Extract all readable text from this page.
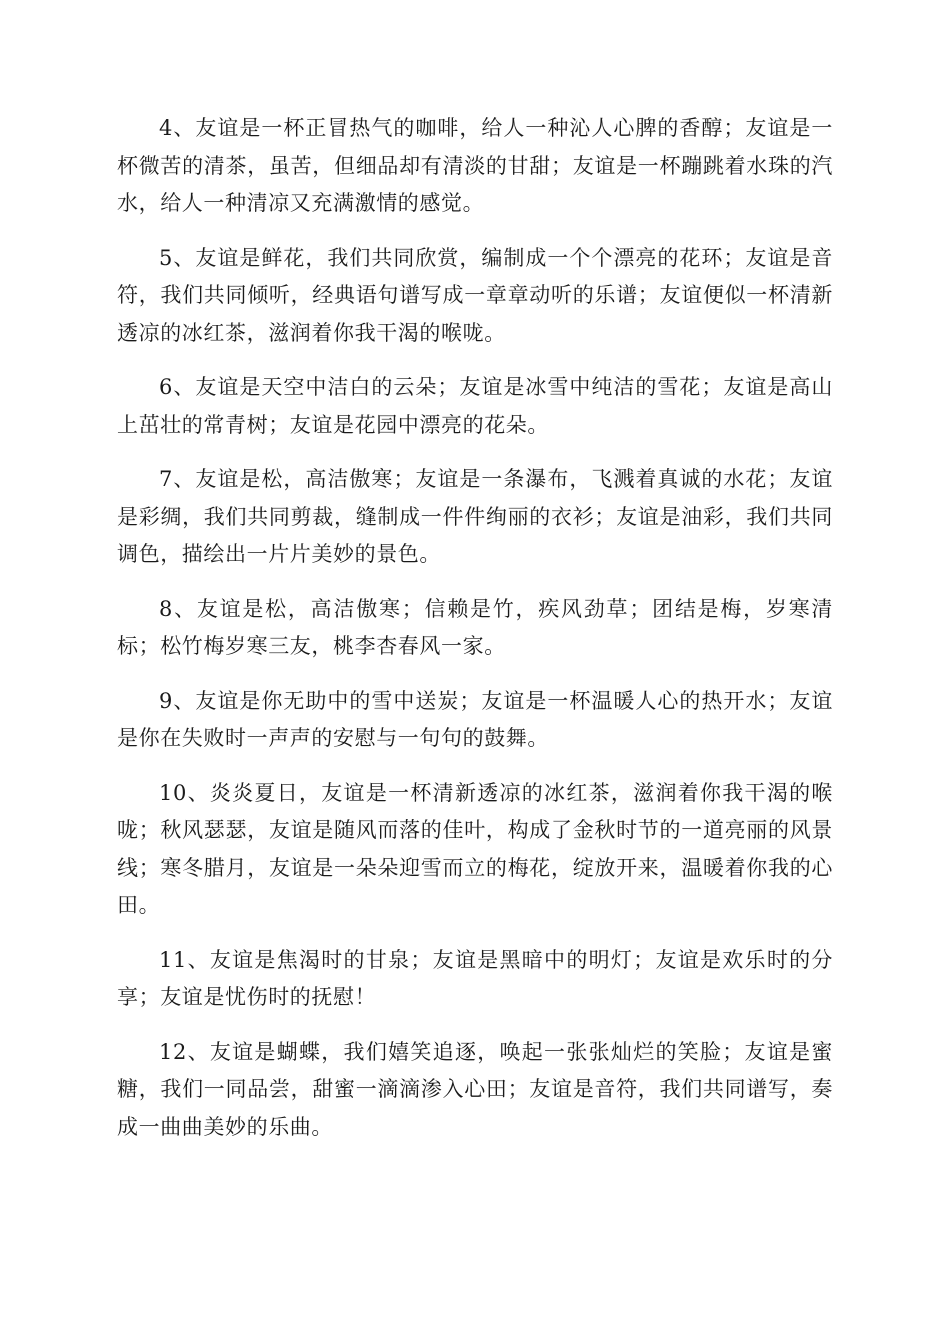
4、友谊是一杯正冒热气的咖啡，给人一种沁人心脾的香醇；友谊是一杯微苦的清茶，虽苦，但细品却有清淡的甘甜；友谊是一杯蹦跳着水珠的汽水，给人一种清凉又充满激情的感觉。

5、友谊是鲜花，我们共同欣赏，编制成一个个漂亮的花环；友谊是音符，我们共同倾听，经典语句谱写成一章章动听的乐谱；友谊便似一杯清新透凉的冰红茶，滋润着你我干渴的喉咙。

6、友谊是天空中洁白的云朵；友谊是冰雪中纯洁的雪花；友谊是高山上茁壮的常青树；友谊是花园中漂亮的花朵。

7、友谊是松，高洁傲寒；友谊是一条瀑布，飞溅着真诚的水花；友谊是彩绸，我们共同剪裁，缝制成一件件绚丽的衣衫；友谊是油彩，我们共同调色，描绘出一片片美妙的景色。

8、友谊是松，高洁傲寒；信赖是竹，疾风劲草；团结是梅，岁寒清标；松竹梅岁寒三友，桃李杏春风一家。

9、友谊是你无助中的雪中送炭；友谊是一杯温暖人心的热开水；友谊是你在失败时一声声的安慰与一句句的鼓舞。

10、炎炎夏日，友谊是一杯清新透凉的冰红茶，滋润着你我干渴的喉咙；秋风瑟瑟，友谊是随风而落的佳叶，构成了金秋时节的一道亮丽的风景线；寒冬腊月，友谊是一朵朵迎雪而立的梅花，绽放开来，温暖着你我的心田。

11、友谊是焦渴时的甘泉；友谊是黑暗中的明灯；友谊是欢乐时的分享；友谊是忧伤时的抚慰！

12、友谊是蝴蝶，我们嬉笑追逐，唤起一张张灿烂的笑脸；友谊是蜜糖，我们一同品尝，甜蜜一滴滴渗入心田；友谊是音符，我们共同谱写，奏成一曲曲美妙的乐曲。
